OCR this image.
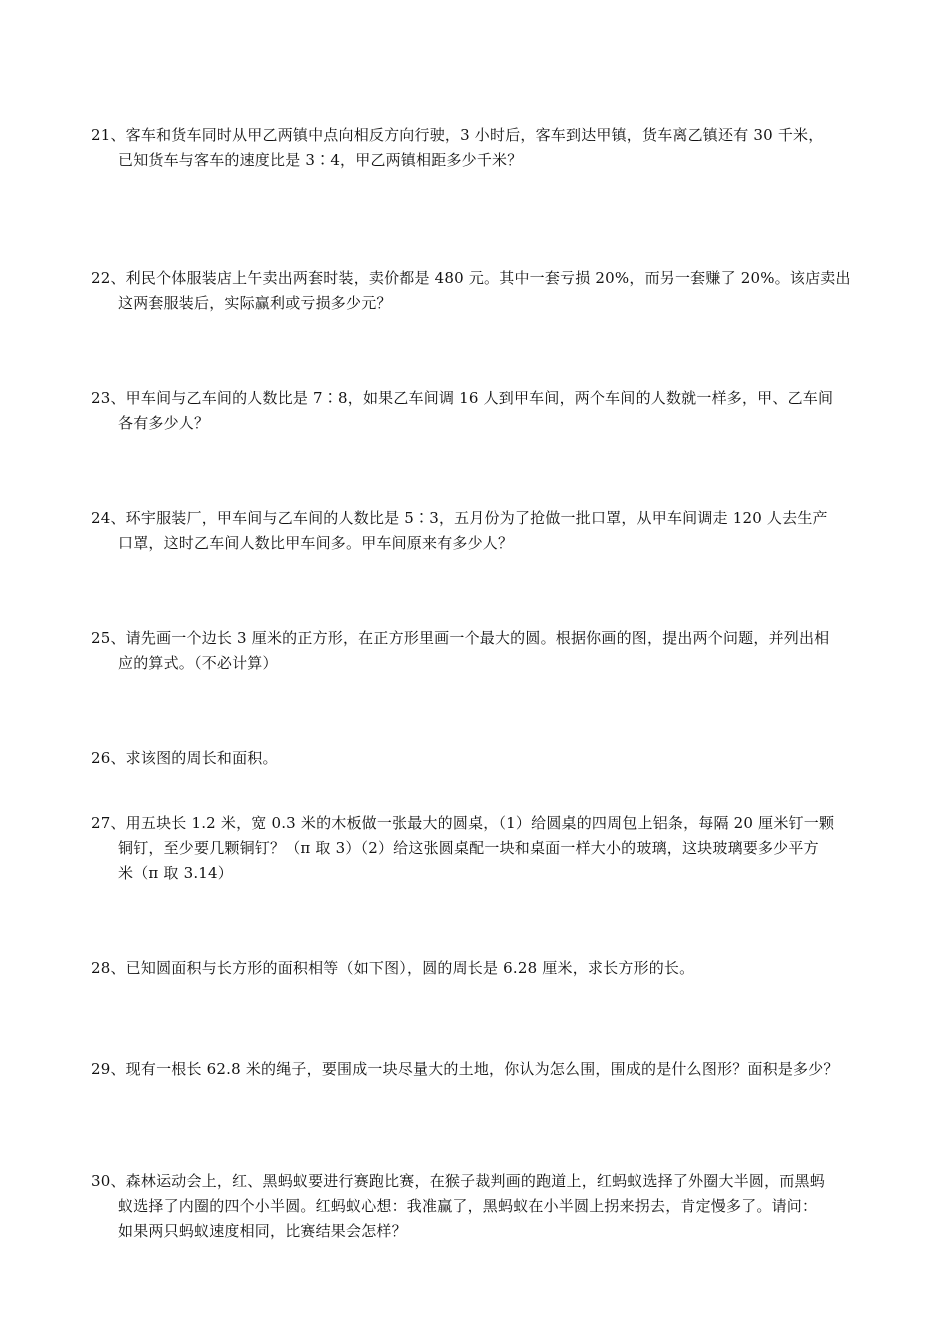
21、客车和货车同时从甲乙两镇中点向相反方向行驶，3 小时后，客车到达甲镇，货车离乙镇还有 30 千米，
已知货车与客车的速度比是 3∶4，甲乙两镇相距多少千米？
22、利民个体服装店上午卖出两套时装，卖价都是 480 元。其中一套亏损 20%，而另一套赚了 20%。该店卖出
这两套服装后，实际赢利或亏损多少元？
23、甲车间与乙车间的人数比是 7∶8，如果乙车间调 16 人到甲车间，两个车间的人数就一样多，甲、乙车间
各有多少人？
24、环宇服装厂，甲车间与乙车间的人数比是 5∶3，五月份为了抢做一批口罩，从甲车间调走 120 人去生产
口罩，这时乙车间人数比甲车间多。甲车间原来有多少人？
25、请先画一个边长 3 厘米的正方形，在正方形里画一个最大的圆。根据你画的图，提出两个问题，并列出相
应的算式。（不必计算）
26、求该图的周长和面积。
27、用五块长 1.2 米，宽 0.3 米的木板做一张最大的圆桌，（1）给圆桌的四周包上铝条，每隔 20 厘米钉一颗
铜钉，至少要几颗铜钉？（π 取 3）（2）给这张圆桌配一块和桌面一样大小的玻璃，这块玻璃要多少平方
米（π 取 3.14）
28、已知圆面积与长方形的面积相等（如下图），圆的周长是 6.28 厘米，求长方形的长。
29、现有一根长 62.8 米的绳子，要围成一块尽量大的土地，你认为怎么围，围成的是什么图形？面积是多少？
30、森林运动会上，红、黑蚂蚁要进行赛跑比赛，在猴子裁判画的跑道上，红蚂蚁选择了外圈大半圆，而黑蚂
蚁选择了内圈的四个小半圆。红蚂蚁心想：我准赢了，黑蚂蚁在小半圆上拐来拐去，肯定慢多了。请问：
如果两只蚂蚁速度相同，比赛结果会怎样？
